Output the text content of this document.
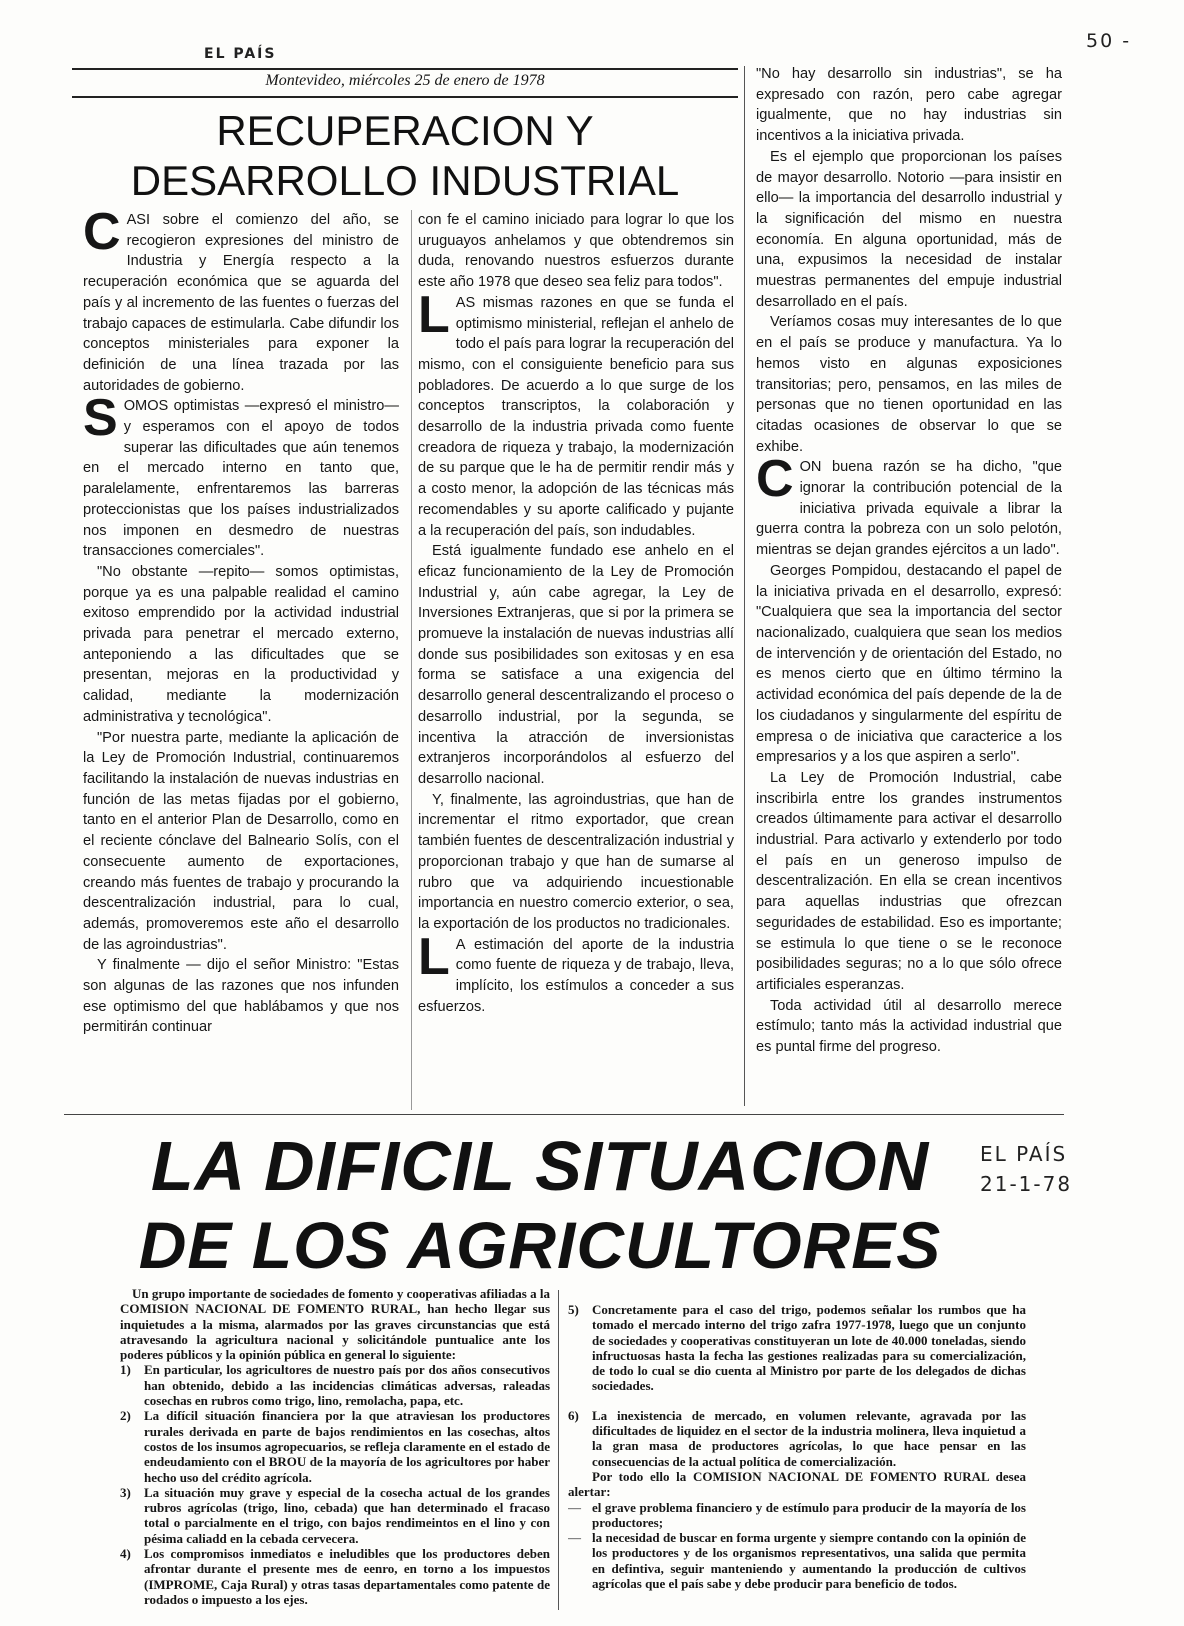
50 -
EL PAÍS
Montevideo, miércoles 25 de enero de 1978
RECUPERACION Y
DESARROLLO INDUSTRIAL

CASI sobre el comienzo del año, se recogieron expresiones del ministro de Industria y Energía respecto a la recuperación económica que se aguarda del país y al incremento de las fuentes o fuerzas del trabajo capaces de estimularla. Cabe difundir los conceptos ministeriales para exponer la definición de una línea trazada por las autoridades de gobierno.

SOMOS optimistas —expresó el ministro— y esperamos con el apoyo de todos superar las dificultades que aún tenemos en el mercado interno en tanto que, paralelamente, enfrentaremos las barreras proteccionistas que los países industrializados nos imponen en desmedro de nuestras transacciones comerciales".

"No obstante —repito— somos optimistas, porque ya es una palpable realidad el camino exitoso emprendido por la actividad industrial privada para penetrar el mercado externo, anteponiendo a las dificultades que se presentan, mejoras en la productividad y calidad, mediante la modernización administrativa y tecnológica".

"Por nuestra parte, mediante la aplicación de la Ley de Promoción Industrial, continuaremos facilitando la instalación de nuevas industrias en función de las metas fijadas por el gobierno, tanto en el anterior Plan de Desarrollo, como en el reciente cónclave del Balneario Solís, con el consecuente aumento de exportaciones, creando más fuentes de trabajo y procurando la descentralización industrial, para lo cual, además, promoveremos este año el desarrollo de las agroindustrias".

Y finalmente — dijo el señor Ministro: "Estas son algunas de las razones que nos infunden ese optimismo del que hablábamos y que nos permitirán continuar

con fe el camino iniciado para lograr lo que los uruguayos anhelamos y que obtendremos sin duda, renovando nuestros esfuerzos durante este año 1978 que deseo sea feliz para todos".

LAS mismas razones en que se funda el optimismo ministerial, reflejan el anhelo de todo el país para lograr la recuperación del mismo, con el consiguiente beneficio para sus pobladores. De acuerdo a lo que surge de los conceptos transcriptos, la colaboración y desarrollo de la industria privada como fuente creadora de riqueza y trabajo, la modernización de su parque que le ha de permitir rendir más y a costo menor, la adopción de las técnicas más recomendables y su aporte calificado y pujante a la recuperación del país, son indudables.

Está igualmente fundado ese anhelo en el eficaz funcionamiento de la Ley de Promoción Industrial y, aún cabe agregar, la Ley de Inversiones Extranjeras, que si por la primera se promueve la instalación de nuevas industrias allí donde sus posibilidades son exitosas y en esa forma se satisface a una exigencia del desarrollo general descentralizando el proceso o desarrollo industrial, por la segunda, se incentiva la atracción de inversionistas extranjeros incorporándolos al esfuerzo del desarrollo nacional.

Y, finalmente, las agroindustrias, que han de incrementar el ritmo exportador, que crean también fuentes de descentralización industrial y proporcionan trabajo y que han de sumarse al rubro que va adquiriendo incuestionable importancia en nuestro comercio exterior, o sea, la exportación de los productos no tradicionales.

L A estimación del aporte de la industria como fuente de riqueza y de trabajo, lleva, implícito, los estímulos a conceder a sus esfuerzos.

"No hay desarrollo sin industrias", se ha expresado con razón, pero cabe agregar igualmente, que no hay industrias sin incentivos a la iniciativa privada.

Es el ejemplo que proporcionan los países de mayor desarrollo. Notorio —para insistir en ello— la importancia del desarrollo industrial y la significación del mismo en nuestra economía. En alguna oportunidad, más de una, expusimos la necesidad de instalar muestras permanentes del empuje industrial desarrollado en el país.

Veríamos cosas muy interesantes de lo que en el país se produce y manufactura. Ya lo hemos visto en algunas exposiciones transitorias; pero, pensamos, en las miles de personas que no tienen oportunidad en las citadas ocasiones de observar lo que se exhibe.

CON buena razón se ha dicho, "que ignorar la contribución potencial de la iniciativa privada equivale a librar la guerra contra la pobreza con un solo pelotón, mientras se dejan grandes ejércitos a un lado".

Georges Pompidou, destacando el papel de la iniciativa privada en el desarrollo, expresó: "Cualquiera que sea la importancia del sector nacionalizado, cualquiera que sean los medios de intervención y de orientación del Estado, no es menos cierto que en último término la actividad económica del país depende de la de los ciudadanos y singularmente del espíritu de empresa o de iniciativa que caracterice a los empresarios y a los que aspiren a serlo".

La Ley de Promoción Industrial, cabe inscribirla entre los grandes instrumentos creados últimamente para activar el desarrollo industrial. Para activarlo y extenderlo por todo el país en un generoso impulso de descentralización. En ella se crean incentivos para aquellas industrias que ofrezcan seguridades de estabilidad. Eso es importante; se estimula lo que tiene o se le reconoce posibilidades seguras; no a lo que sólo ofrece artificiales esperanzas.

Toda actividad útil al desarrollo merece estímulo; tanto más la actividad industrial que es puntal firme del progreso.

LA DIFICIL SITUACION
DE LOS AGRICULTORES
EL PAÍS
21-1-78

Un grupo importante de sociedades de fomento y cooperativas afiliadas a la COMISION NACIONAL DE FOMENTO RURAL, han hecho llegar sus inquietudes a la misma, alarmados por las graves circunstancias que está atravesando la agricultura nacional y solicitándole puntualice ante los poderes públicos y la opinión pública en general lo siguiente:

1)	En particular, los agricultores de nuestro país por dos años consecutivos han obtenido, debido a las incidencias climáticas adversas, raleadas cosechas en rubros como trigo, lino, remolacha, papa, etc.
2)	La difícil situación financiera por la que atraviesan los productores rurales derivada en parte de bajos rendimientos en las cosechas, altos costos de los insumos agropecuarios, se refleja claramente en el estado de endeudamiento con el BROU de la mayoría de los agricultores por haber hecho uso del crédito agrícola.
3)	La situación muy grave y especial de la cosecha actual de los grandes rubros agrícolas (trigo, lino, cebada) que han determinado el fracaso total o parcialmente en el trigo, con bajos rendimeintos en el lino y con pésima caliadd en la cebada cervecera.
4)	Los compromisos inmediatos e ineludibles que los productores deben afrontar durante el presente mes de eenro, en torno a los impuestos (IMPROME, Caja Rural) y otras tasas departamentales como patente de rodados o impuesto a los ejes.
5)	Concretamente para el caso del trigo, podemos señalar los rumbos que ha tomado el mercado interno del trigo zafra 1977-1978, luego que un conjunto de sociedades y cooperativas constituyeran un lote de 40.000 toneladas, siendo infructuosas hasta la fecha las gestiones realizadas para su comercialización, de todo lo cual se dio cuenta al Ministro por parte de los delegados de dichas sociedades.
6)	La inexistencia de mercado, en volumen relevante, agravada por las dificultades de liquidez en el sector de la industria molinera, lleva inquietud a la gran masa de productores agrícolas, lo que hace pensar en las consecuencias de la actual política de comercialización.

Por todo ello la COMISION NACIONAL DE FOMENTO RURAL desea alertar:

— el grave problema financiero y de estímulo para producir de la mayoría de los productores;
— la necesidad de buscar en forma urgente y siempre contando con la opinión de los productores y de los organismos representativos, una salida que permita en defintiva, seguir manteniendo y aumentando la producción de cultivos agrícolas que el país sabe y debe producir para beneficio de todos.
